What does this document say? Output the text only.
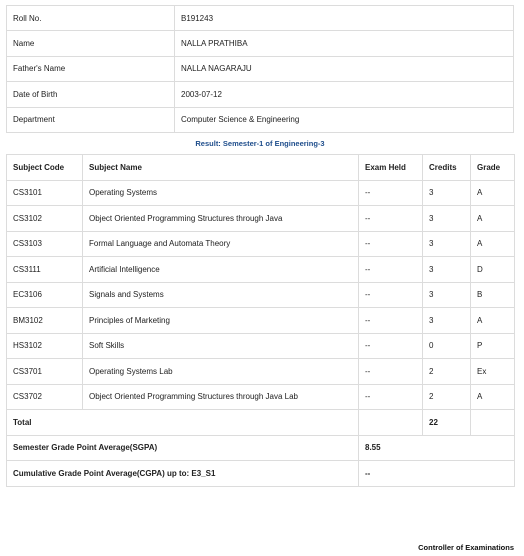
Roll No.	B191243
Name	NALLA PRATHIBA
Father's Name	NALLA NAGARAJU
Date of Birth	2003-07-12
Department	Computer Science & Engineering
Result: Semester-1 of Engineering-3
Subject Code	Subject Name	Exam Held	Credits	Grade
CS3101	Operating Systems	--	3	A
CS3102	Object Oriented Programming Structures through Java	--	3	A
CS3103	Formal Language and Automata Theory	--	3	A
CS3111	Artificial Intelligence	--	3	D
EC3106	Signals and Systems	--	3	B
BM3102	Principles of Marketing	--	3	A
HS3102	Soft Skills	--	0	P
CS3701	Operating Systems Lab	--	2	Ex
CS3702	Object Oriented Programming Structures through Java Lab	--	2	A
Total			22	
Semester Grade Point Average(SGPA)		8.55		
Cumulative Grade Point Average(CGPA) up to: E3_S1		--		
Controller of Examinations
